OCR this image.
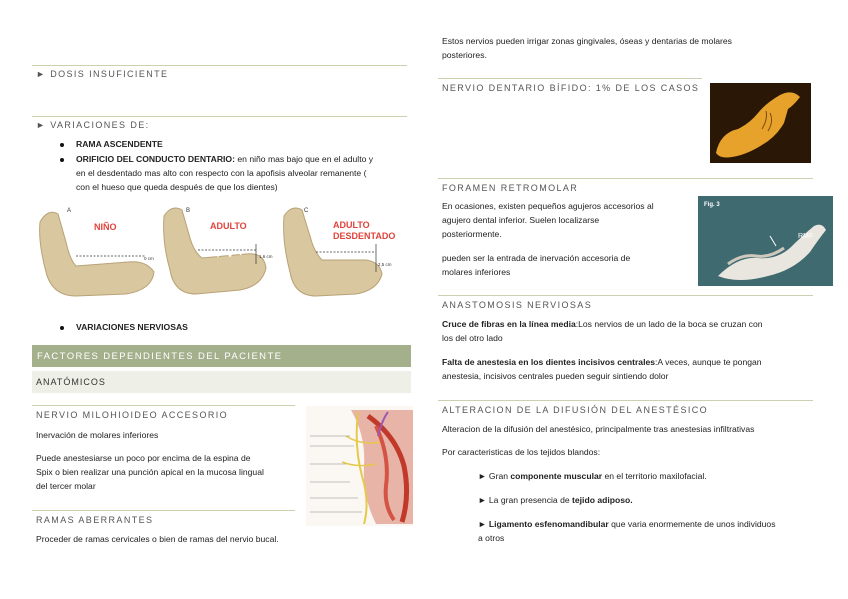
► DOSIS INSUFICIENTE
► VARIACIONES DE:
RAMA ASCENDENTE
ORIFICIO DEL CONDUCTO DENTARIO: en niño mas bajo que en el adulto y
en el desdentado mas alto con respecto con la apofisis alveolar remanente (
con el hueso que queda después de que los dientes)
A
NIÑO
0 cm
B
ADULTO
1,6 cm
C
ADULTO
DESDENTADO
2,5 cm
VARIACIONES NERVIOSAS
FACTORES DEPENDIENTES DEL PACIENTE
ANATÓMICOS
NERVIO MILOHIOIDEO ACCESORIO
Inervación de molares inferiores
Puede anestesiarse un poco por encima de la espina de
Spix o bien realizar una punción apical en la mucosa lingual
del tercer molar
RAMAS ABERRANTES
Proceder de ramas cervicales o bien de ramas del nervio bucal.
Estos nervios pueden irrigar zonas gingivales, óseas y dentarias de molares
posteriores.
NERVIO DENTARIO BÍFIDO: 1% DE LOS CASOS
FORAMEN RETROMOLAR
En ocasiones, existen pequeños agujeros accesorios al
agujero dental inferior. Suelen localizarse
posteriormente.
pueden ser la entrada de inervación accesoria de
molares inferiores
Fig. 3
RMF
ANASTOMOSIS NERVIOSAS
Cruce de fibras en la línea media:Los nervios de un lado de la boca se cruzan con
los del otro lado
Falta de anestesia en los dientes incisivos centrales:A veces, aunque te pongan
anestesia, incisivos centrales pueden seguir sintiendo dolor
ALTERACION DE LA DIFUSIÓN DEL ANESTÉSICO
Alteracion de la difusión del anestésico, principalmente tras anestesias infiltrativas
Por caracteristicas de los tejidos blandos:
► Gran componente muscular en el territorio maxilofacial.
► La gran presencia de tejido adiposo.
► Ligamento esfenomandibular que varia enormemente de unos individuos
a otros
